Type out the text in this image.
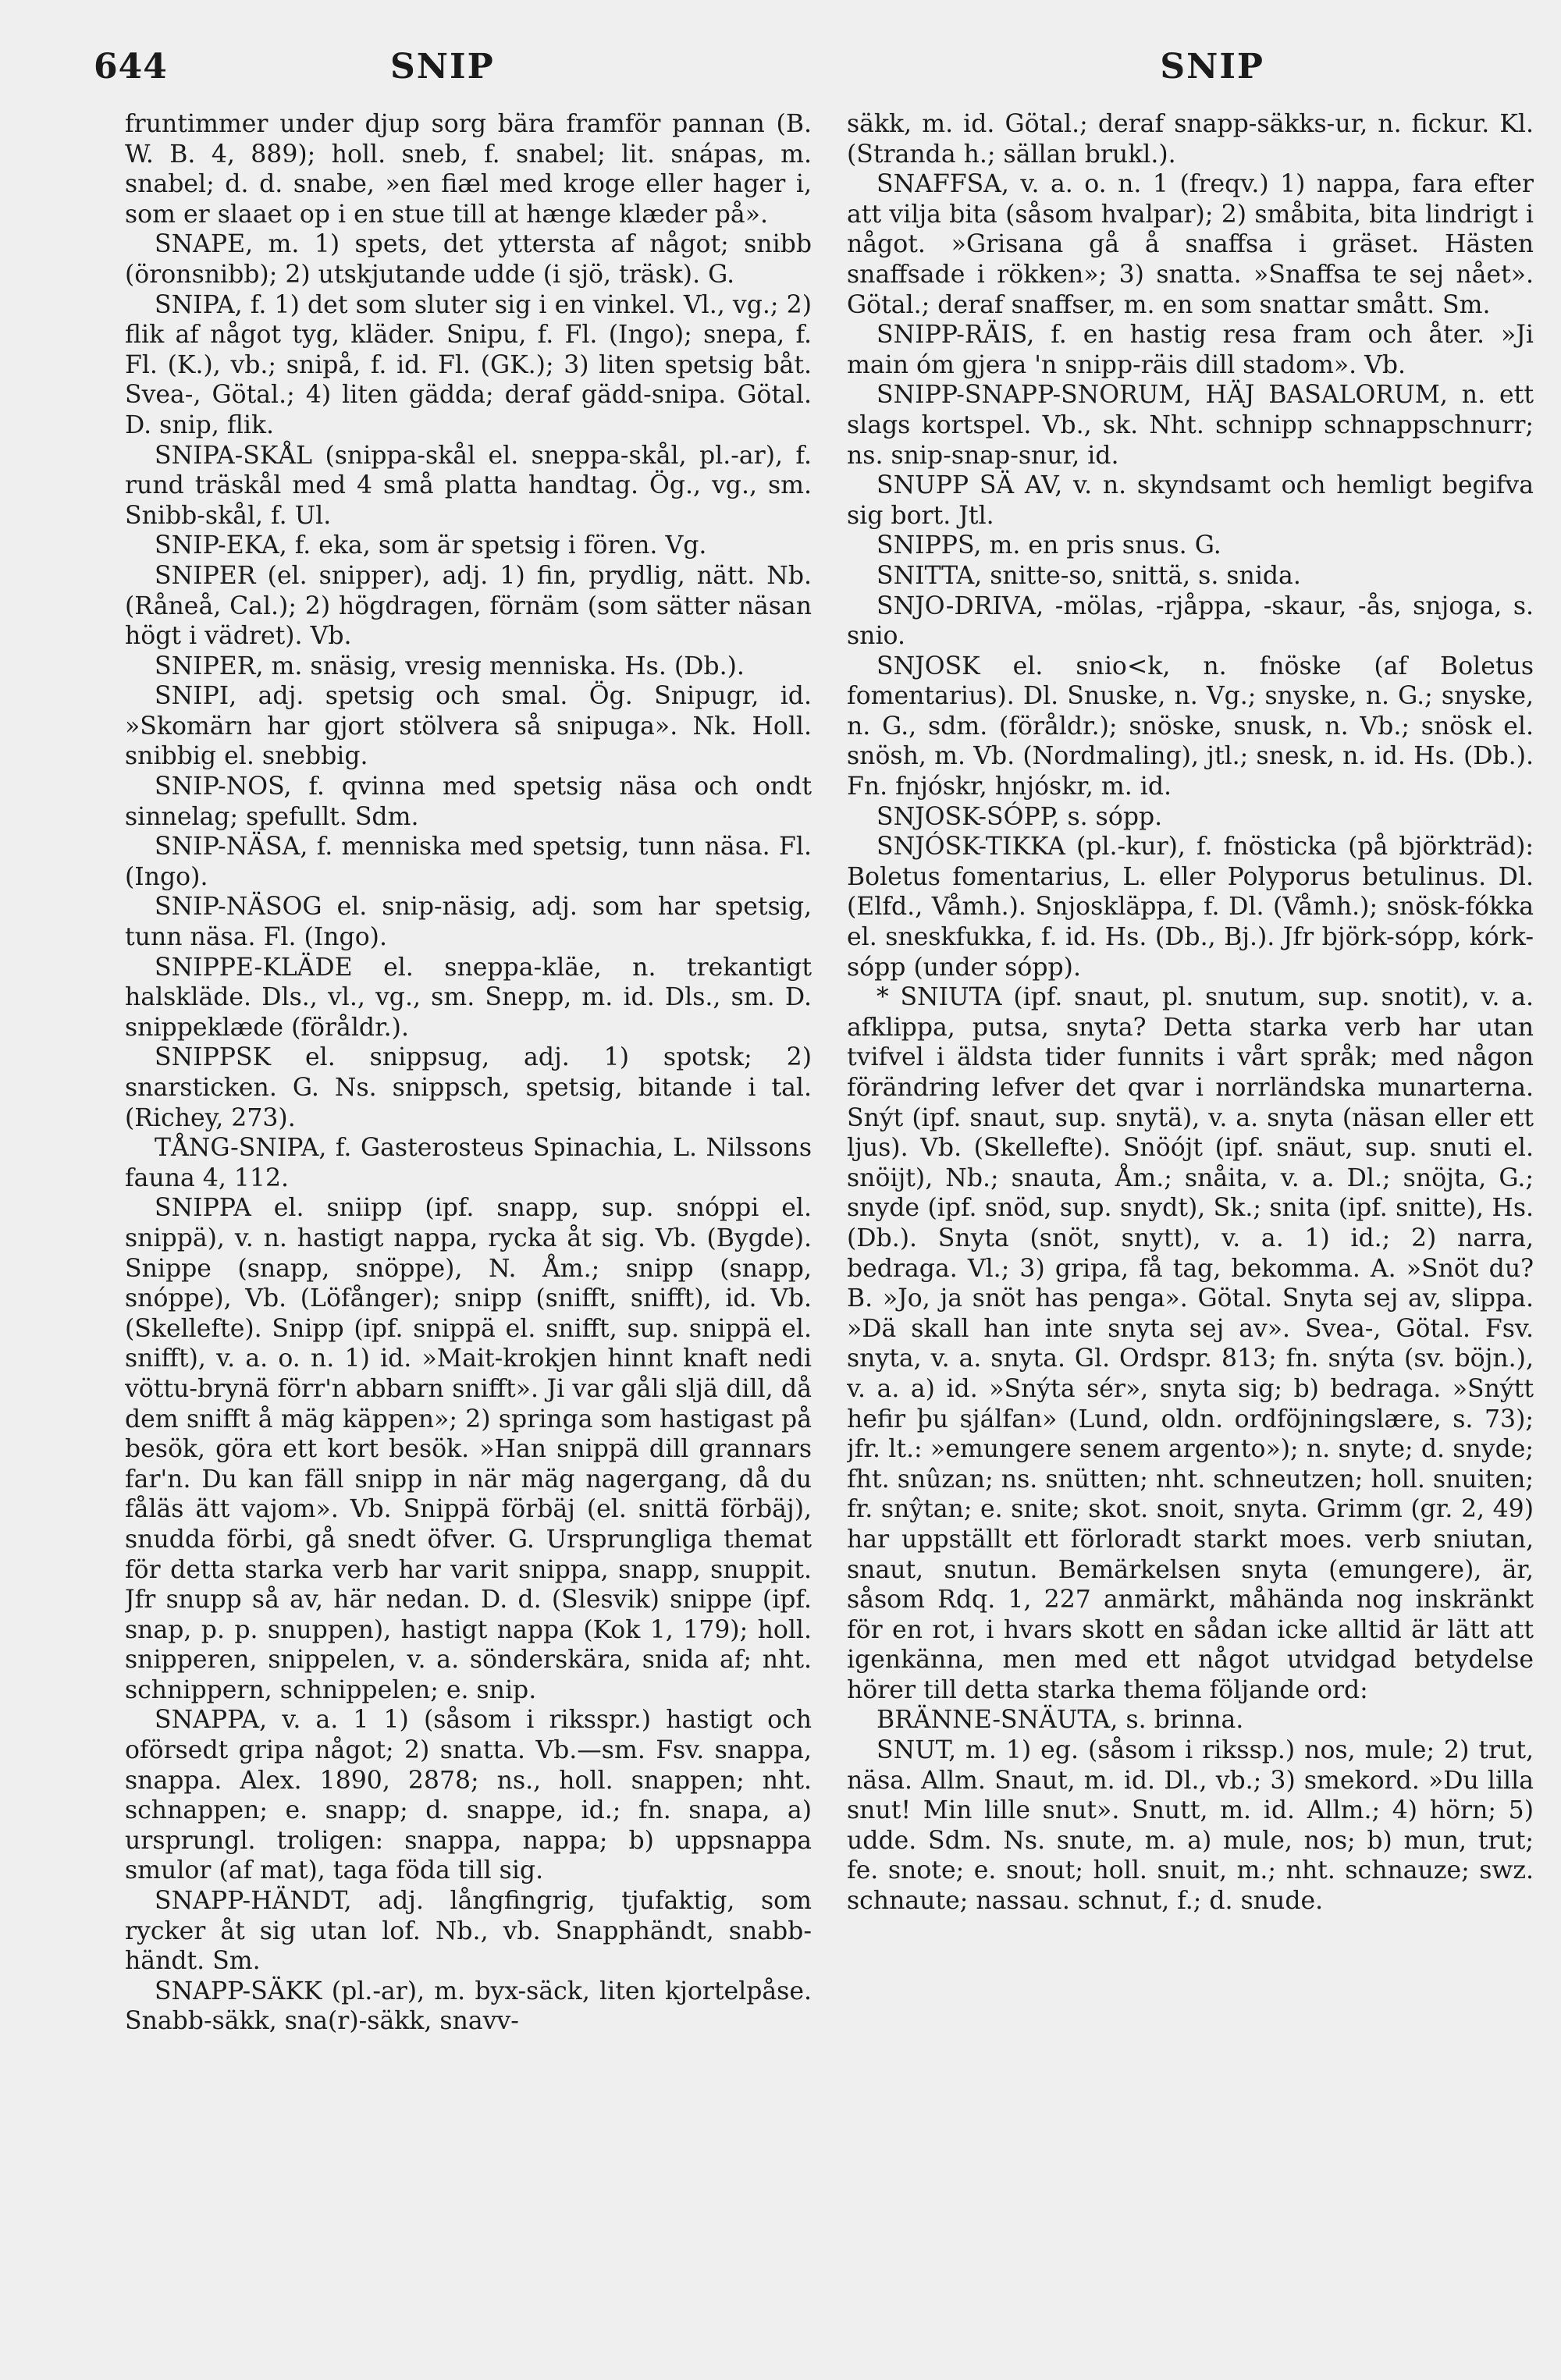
644	SNIP	SNIP

fruntimmer under djup sorg bära framför pannan (B. W. B. 4, 889); holl. sneb, f. snabel; lit. snápas, m. snabel; d. d. snabe, »en fiæl med kroge eller hager i, som er slaaet op i en stue till at hænge klæder på».

SNAPE, m. 1) spets, det yttersta af något; snibb (öronsnibb); 2) utskjutande udde (i sjö, träsk). G.

SNIPA, f. 1) det som sluter sig i en vinkel. Vl., vg.; 2) flik af något tyg, kläder. Snipu, f. Fl. (Ingo); snepa, f. Fl. (K.), vb.; snipå, f. id. Fl. (GK.); 3) liten spetsig båt. Svea-, Götal.; 4) liten gädda; deraf gädd-snipa. Götal. D. snip, flik.

SNIPA-SKÅL (snippa-skål el. sneppa-skål, pl.-ar), f. rund träskål med 4 små platta handtag. Ög., vg., sm. Snibb-skål, f. Ul.

SNIP-EKA, f. eka, som är spetsig i fören. Vg.

SNIPER (el. snipper), adj. 1) fin, prydlig, nätt. Nb. (Råneå, Cal.); 2) högdragen, förnäm (som sätter näsan högt i vädret). Vb.

SNIPER, m. snäsig, vresig menniska. Hs. (Db.).

SNIPI, adj. spetsig och smal. Ög. Snipugr, id. »Skomärn har gjort stölvera så snipuga». Nk. Holl. snibbig el. snebbig.

SNIP-NOS, f. qvinna med spetsig näsa och ondt sinnelag; spefullt. Sdm.

SNIP-NÄSA, f. menniska med spetsig, tunn näsa. Fl. (Ingo).

SNIP-NÄSOG el. snip-näsig, adj. som har spetsig, tunn näsa. Fl. (Ingo).

SNIPPE-KLÄDE el. sneppa-kläe, n. trekantigt halskläde. Dls., vl., vg., sm. Snepp, m. id. Dls., sm. D. snippeklæde (föråldr.).

SNIPPSK el. snippsug, adj. 1) spotsk; 2) snarsticken. G. Ns. snippsch, spetsig, bitande i tal. (Richey, 273).

TÅNG-SNIPA, f. Gasterosteus Spinachia, L. Nilssons fauna 4, 112.

SNIPPA el. sniipp (ipf. snapp, sup. snóppi el. snippä), v. n. hastigt nappa, rycka åt sig. Vb. (Bygde). Snippe (snapp, snöppe), N. Åm.; snipp (snapp, snóppe), Vb. (Löfånger); snipp (snifft, snifft), id. Vb. (Skellefte). Snipp (ipf. snippä el. snifft, sup. snippä el. snifft), v. a. o. n. 1) id. »Mait-krokjen hinnt knaft nedi vöttu-brynä förr'n abbarn snifft». Ji var gåli sljä dill, då dem snifft å mäg käppen»; 2) springa som hastigast på besök, göra ett kort besök. »Han snippä dill grannars far'n. Du kan fäll snipp in när mäg nagergang, då du fåläs ätt vajom». Vb. Snippä förbäj (el. snittä förbäj), snudda förbi, gå snedt öfver. G. Ursprungliga themat för detta starka verb har varit snippa, snapp, snuppit. Jfr snupp så av, här nedan. D. d. (Slesvik) snippe (ipf. snap, p. p. snuppen), hastigt nappa (Kok 1, 179); holl. snipperen, snippelen, v. a. sönderskära, snida af; nht. schnippern, schnippelen; e. snip.

SNAPPA, v. a. 1 1) (såsom i riksspr.) hastigt och oförsedt gripa något; 2) snatta. Vb.—sm. Fsv. snappa, snappa. Alex. 1890, 2878; ns., holl. snappen; nht. schnappen; e. snapp; d. snappe, id.; fn. snapa, a) ursprungl. troligen: snappa, nappa; b) uppsnappa smulor (af mat), taga föda till sig.

SNAPP-HÄNDT, adj. långfingrig, tjufaktig, som rycker åt sig utan lof. Nb., vb. Snapphändt, snabb-händt. Sm.

SNAPP-SÄKK (pl.-ar), m. byx-säck, liten kjortelpåse. Snabb-säkk, sna(r)-säkk, snavv-

säkk, m. id. Götal.; deraf snapp-säkks-ur, n. fickur. Kl. (Stranda h.; sällan brukl.).

SNAFFSA, v. a. o. n. 1 (freqv.) 1) nappa, fara efter att vilja bita (såsom hvalpar); 2) småbita, bita lindrigt i något. »Grisana gå å snaffsa i gräset. Hästen snaffsade i rökken»; 3) snatta. »Snaffsa te sej nået». Götal.; deraf snaffser, m. en som snattar smått. Sm.

SNIPP-RÄIS, f. en hastig resa fram och åter. »Ji main óm gjera 'n snipp-räis dill stadom». Vb.

SNIPP-SNAPP-SNORUM, HÄJ BASALORUM, n. ett slags kortspel. Vb., sk. Nht. schnipp schnappschnurr; ns. snip-snap-snur, id.

SNUPP SÄ AV, v. n. skyndsamt och hemligt begifva sig bort. Jtl.

SNIPPS, m. en pris snus. G.

SNITTA, snitte-so, snittä, s. snida.

SNJO-DRIVA, -mölas, -rjåppa, -skaur, -ås, snjoga, s. snio.

SNJOSK el. snio<k, n. fnöske (af Boletus fomentarius). Dl. Snuske, n. Vg.; snyske, n. G.; snyske, n. G., sdm. (föråldr.); snöske, snusk, n. Vb.; snösk el. snösh, m. Vb. (Nordmaling), jtl.; snesk, n. id. Hs. (Db.). Fn. fnjóskr, hnjóskr, m. id.

SNJOSK-SÓPP, s. sópp.

SNJÓSK-TIKKA (pl.-kur), f. fnösticka (på björkträd): Boletus fomentarius, L. eller Polyporus betulinus. Dl. (Elfd., Våmh.). Snjoskläppa, f. Dl. (Våmh.); snösk-fókka el. sneskfukka, f. id. Hs. (Db., Bj.). Jfr björk-sópp, kórk-sópp (under sópp).

* SNIUTA (ipf. snaut, pl. snutum, sup. snotit), v. a. afklippa, putsa, snyta? Detta starka verb har utan tvifvel i äldsta tider funnits i vårt språk; med någon förändring lefver det qvar i norrländska munarterna. Snýt (ipf. snaut, sup. snytä), v. a. snyta (näsan eller ett ljus). Vb. (Skellefte). Snöójt (ipf. snäut, sup. snuti el. snöijt), Nb.; snauta, Åm.; snåita, v. a. Dl.; snöjta, G.; snyde (ipf. snöd, sup. snydt), Sk.; snita (ipf. snitte), Hs. (Db.). Snyta (snöt, snytt), v. a. 1) id.; 2) narra, bedraga. Vl.; 3) gripa, få tag, bekomma. A. »Snöt du? B. »Jo, ja snöt has penga». Götal. Snyta sej av, slippa. »Dä skall han inte snyta sej av». Svea-, Götal. Fsv. snyta, v. a. snyta. Gl. Ordspr. 813; fn. snýta (sv. böjn.), v. a. a) id. »Snýta sér», snyta sig; b) bedraga. »Snýtt hefir þu sjálfan» (Lund, oldn. ordföjningslære, s. 73); jfr. lt.: »emungere senem argento»); n. snyte; d. snyde; fht. snûzan; ns. snütten; nht. schneutzen; holl. snuiten; fr. snŷtan; e. snite; skot. snoit, snyta. Grimm (gr. 2, 49) har uppställt ett förloradt starkt moes. verb sniutan, snaut, snutun. Bemärkelsen snyta (emungere), är, såsom Rdq. 1, 227 anmärkt, måhända nog inskränkt för en rot, i hvars skott en sådan icke alltid är lätt att igenkänna, men med ett något utvidgad betydelse hörer till detta starka thema följande ord:

BRÄNNE-SNÄUTA, s. brinna.

SNUT, m. 1) eg. (såsom i rikssp.) nos, mule; 2) trut, näsa. Allm. Snaut, m. id. Dl., vb.; 3) smekord. »Du lilla snut! Min lille snut». Snutt, m. id. Allm.; 4) hörn; 5) udde. Sdm. Ns. snute, m. a) mule, nos; b) mun, trut; fe. snote; e. snout; holl. snuit, m.; nht. schnauze; swz. schnaute; nassau. schnut, f.; d. snude.
